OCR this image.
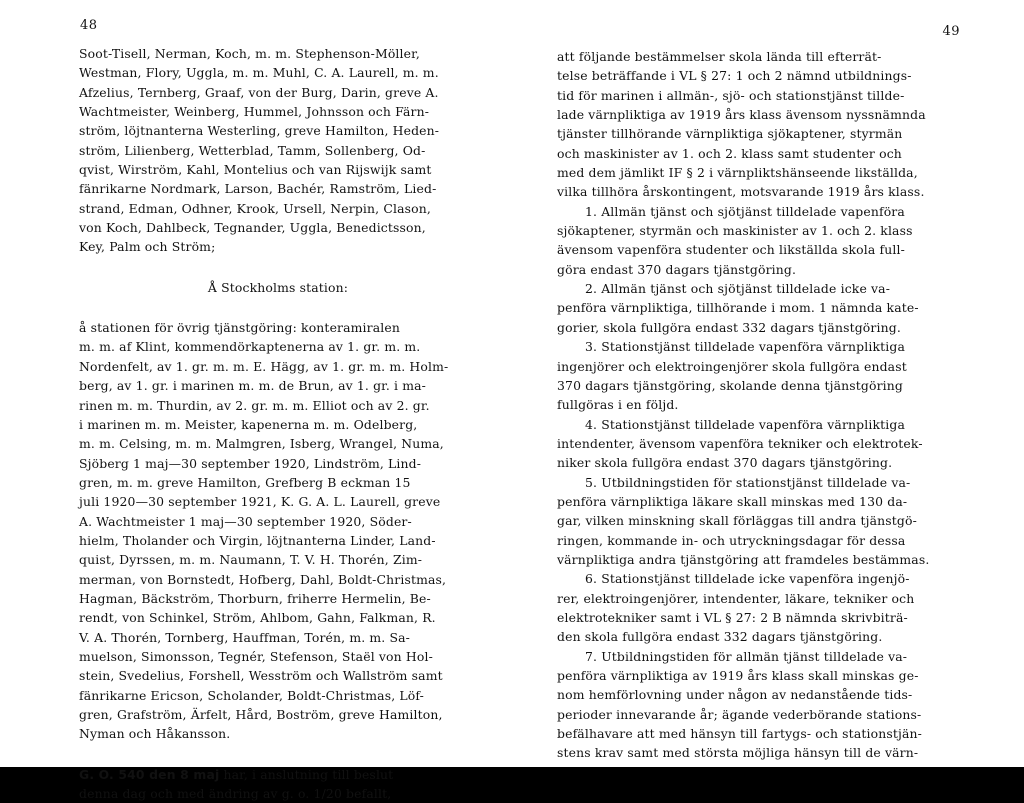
48
Soot-Tisell, Nerman, Koch, m. m. Stephenson-Möller,
Westman, Flory, Uggla, m. m. Muhl, C. A. Laurell, m. m.
Afzelius, Ternberg, Graaf, von der Burg, Darin, greve A.
Wachtmeister, Weinberg, Hummel, Johnsson och Färn-
ström, löjtnanterna Westerling, greve Hamilton, Heden-
ström, Lilienberg, Wetterblad, Tamm, Sollenberg, Od-
qvist, Wirström, Kahl, Montelius och van Rijswijk samt
fänrikarne Nordmark, Larson, Bachér, Ramström, Lied-
strand, Edman, Odhner, Krook, Ursell, Nerpin, Clason,
von Koch, Dahlbeck, Tegnander, Uggla, Benedictsson,
Key, Palm och Ström;
Å Stockholms station:
å stationen för övrig tjänstgöring: konteramiralen
m. m. af Klint, kommendörkaptenerna av 1. gr. m. m.
Nordenfelt, av 1. gr. m. m. E. Hägg, av 1. gr. m. m. Holm-
berg, av 1. gr. i marinen m. m. de Brun, av 1. gr. i ma-
rinen m. m. Thurdin, av 2. gr. m. m. Elliot och av 2. gr.
i marinen m. m. Meister, kapenerna m. m. Odelberg,
m. m. Celsing, m. m. Malmgren, Isberg, Wrangel, Numa,
Sjöberg 1 maj—30 september 1920, Lindström, Lind-
gren, m. m. greve Hamilton, Grefberg B eckman 15
juli 1920—30 september 1921, K. G. A. L. Laurell, greve
A. Wachtmeister 1 maj—30 september 1920, Söder-
hielm, Tholander och Virgin, löjtnanterna Linder, Land-
quist, Dyrssen, m. m. Naumann, T. V. H. Thorén, Zim-
merman, von Bornstedt, Hofberg, Dahl, Boldt-Christmas,
Hagman, Bäckström, Thorburn, friherre Hermelin, Be-
rendt, von Schinkel, Ström, Ahlbom, Gahn, Falkman, R.
V. A. Thorén, Tornberg, Hauffman, Torén, m. m. Sa-
muelson, Simonsson, Tegnér, Stefenson, Staël von Hol-
stein, Svedelius, Forshell, Wesström och Wallström samt
fänrikarne Ericson, Scholander, Boldt-Christmas, Löf-
gren, Grafström, Ärfelt, Hård, Boström, greve Hamilton,
Nyman och Håkansson.
G. O. 540 den 8 maj har, i anslutning till beslut
denna dag och med ändring av g. o. 1/20 befallt,
49
att följande bestämmelser skola lända till efterrät-
telse beträffande i VL § 27: 1 och 2 nämnd utbildnings-
tid för marinen i allmän-, sjö- och stationstjänst tillde-
lade värnpliktiga av 1919 års klass ävensom nyssnämnda
tjänster tillhörande värnpliktiga sjökaptener, styrmän
och maskinister av 1. och 2. klass samt studenter och
med dem jämlikt IF § 2 i värnpliktshänseende likställda,
vilka tillhöra årskontingent, motsvarande 1919 års klass.
1. Allmän tjänst och sjötjänst tilldelade vapenföra
sjökaptener, styrmän och maskinister av 1. och 2. klass
ävensom vapenföra studenter och likställda skola full-
göra endast 370 dagars tjänstgöring.
2. Allmän tjänst och sjötjänst tilldelade icke va-
penföra värnpliktiga, tillhörande i mom. 1 nämnda kate-
gorier, skola fullgöra endast 332 dagars tjänstgöring.
3. Stationstjänst tilldelade vapenföra värnpliktiga
ingenjörer och elektroingenjörer skola fullgöra endast
370 dagars tjänstgöring, skolande denna tjänstgöring
fullgöras i en följd.
4. Stationstjänst tilldelade vapenföra värnpliktiga
intendenter, ävensom vapenföra tekniker och elektrotek-
niker skola fullgöra endast 370 dagars tjänstgöring.
5. Utbildningstiden för stationstjänst tilldelade va-
penföra värnpliktiga läkare skall minskas med 130 da-
gar, vilken minskning skall förläggas till andra tjänstgö-
ringen, kommande in- och utryckningsdagar för dessa
värnpliktiga andra tjänstgöring att framdeles bestämmas.
6. Stationstjänst tilldelade icke vapenföra ingenjö-
rer, elektroingenjörer, intendenter, läkare, tekniker och
elektrotekniker samt i VL § 27: 2 B nämnda skrivbiträ-
den skola fullgöra endast 332 dagars tjänstgöring.
7. Utbildningstiden för allmän tjänst tilldelade va-
penföra värnpliktiga av 1919 års klass skall minskas ge-
nom hemförlovning under någon av nedanstående tids-
perioder innevarande år; ägande vederbörande stations-
befälhavare att med hänsyn till fartygs- och stationstjän-
stens krav samt med största möjliga hänsyn till de värn-
